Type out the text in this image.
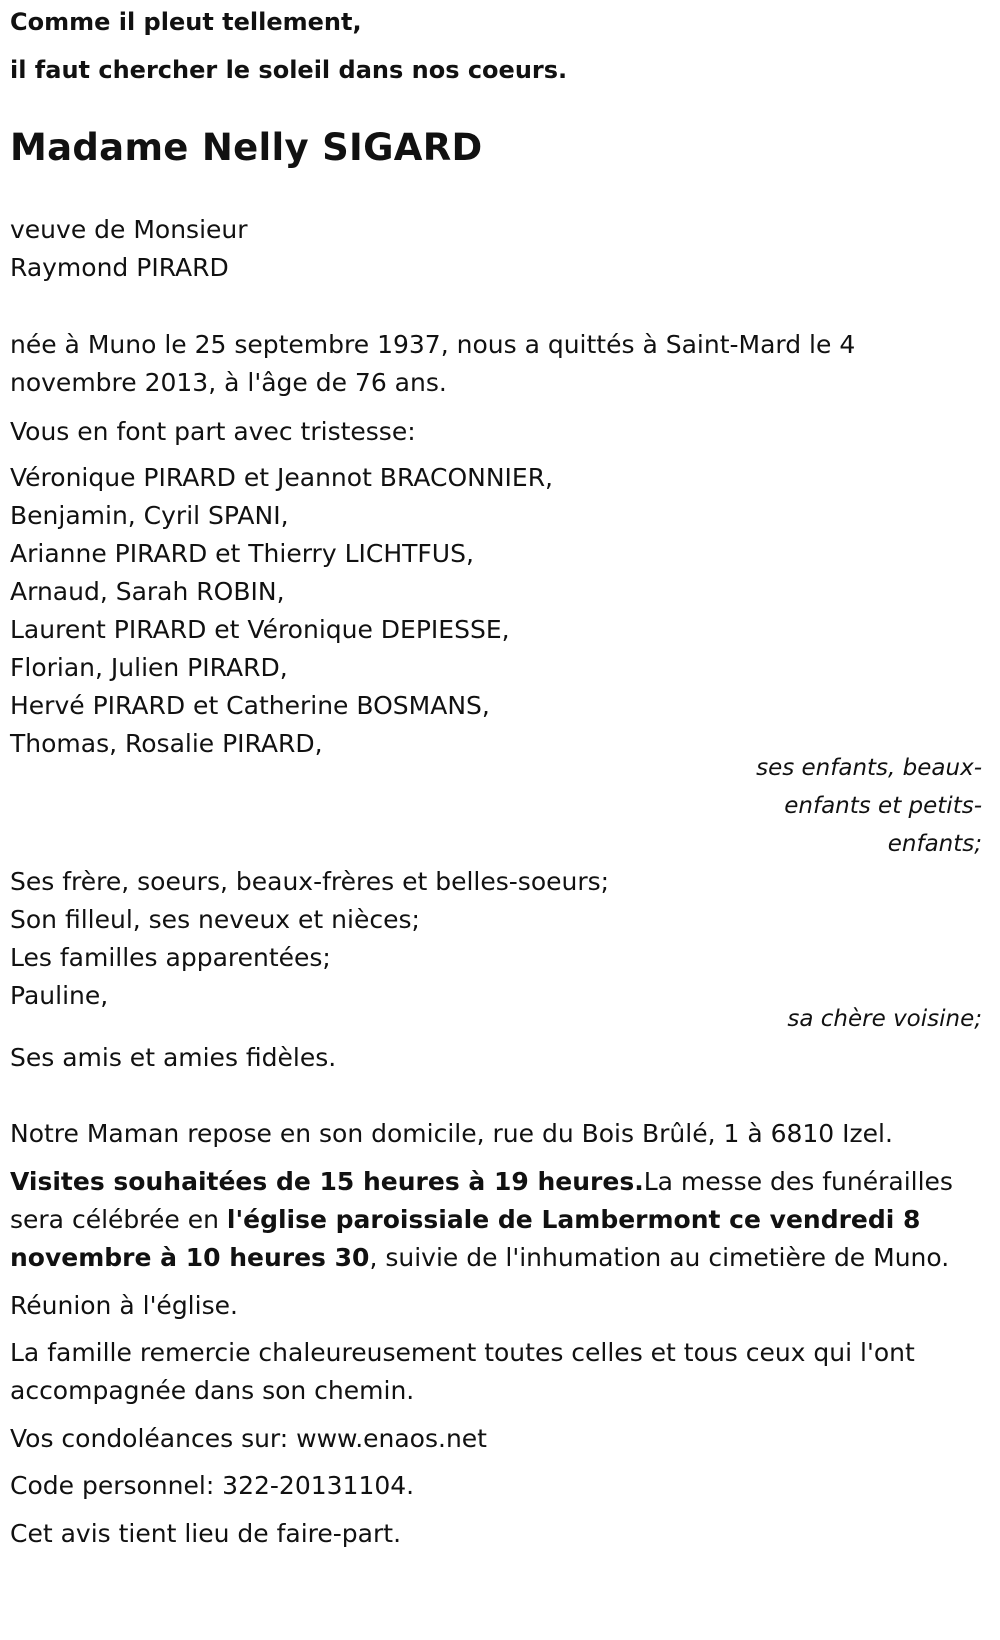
Comme il pleut tellement,
il faut chercher le soleil dans nos coeurs.
Madame Nelly SIGARD
veuve de Monsieur
Raymond PIRARD
née à Muno le 25 septembre 1937, nous a quittés à Saint-Mard le 4
novembre 2013, à l'âge de 76 ans.
Vous en font part avec tristesse:
Véronique PIRARD et Jeannot BRACONNIER,
Benjamin, Cyril SPANI,
Arianne PIRARD et Thierry LICHTFUS,
Arnaud, Sarah ROBIN,
Laurent PIRARD et Véronique DEPIESSE,
Florian, Julien PIRARD,
Hervé PIRARD et Catherine BOSMANS,
Thomas, Rosalie PIRARD,
ses enfants, beaux-
enfants et petits-
enfants;
Ses frère, soeurs, beaux-frères et belles-soeurs;
Son filleul, ses neveux et nièces;
Les familles apparentées;
Pauline,
sa chère voisine;
Ses amis et amies fidèles.
Notre Maman repose en son domicile, rue du Bois Brûlé, 1 à 6810 Izel.
Visites souhaitées de 15 heures à 19 heures.La messe des funérailles
sera célébrée en l'église paroissiale de Lambermont ce vendredi 8
novembre à 10 heures 30, suivie de l'inhumation au cimetière de Muno.
Réunion à l'église.
La famille remercie chaleureusement toutes celles et tous ceux qui l'ont
accompagnée dans son chemin.
Vos condoléances sur: www.enaos.net
Code personnel: 322-20131104.
Cet avis tient lieu de faire-part.
